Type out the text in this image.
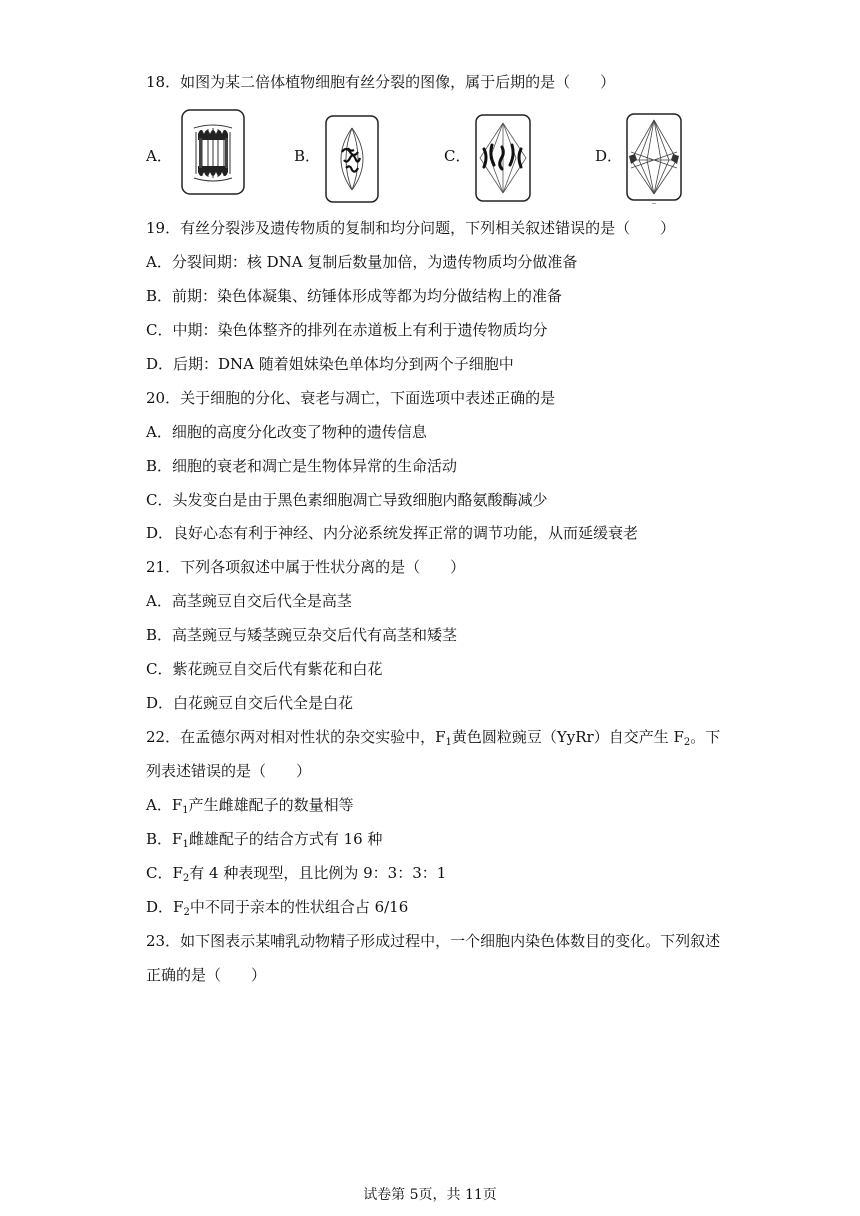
18．如图为某二倍体植物细胞有丝分裂的图像，属于后期的是（　　）
A．	B．	C．	D．
19．有丝分裂涉及遗传物质的复制和均分问题，下列相关叙述错误的是（　　）
A．分裂间期：核 DNA 复制后数量加倍，为遗传物质均分做准备
B．前期：染色体凝集、纺锤体形成等都为均分做结构上的准备
C．中期：染色体整齐的排列在赤道板上有利于遗传物质均分
D．后期：DNA 随着姐妹染色单体均分到两个子细胞中
20．关于细胞的分化、衰老与凋亡，下面选项中表述正确的是
A．细胞的高度分化改变了物种的遗传信息
B．细胞的衰老和凋亡是生物体异常的生命活动
C．头发变白是由于黑色素细胞凋亡导致细胞内酪氨酸酶减少
D．良好心态有利于神经、内分泌系统发挥正常的调节功能，从而延缓衰老
21．下列各项叙述中属于性状分离的是（　　）
A．高茎豌豆自交后代全是高茎
B．高茎豌豆与矮茎豌豆杂交后代有高茎和矮茎
C．紫花豌豆自交后代有紫花和白花
D．白花豌豆自交后代全是白花
22．在孟德尔两对相对性状的杂交实验中，$F_1$黄色圆粒豌豆（YyRr）自交产生 $F_2$。下
列表述错误的是（　　）
A．$F_1$产生雌雄配子的数量相等
B．$F_1$雌雄配子的结合方式有 16 种
C．$F_2$有 4 种表现型，且比例为 9：3：3：1
D．$F_2$中不同于亲本的性状组合占 6/16
23．如下图表示某哺乳动物精子形成过程中，一个细胞内染色体数目的变化。下列叙述
正确的是（　　）
试卷第 5页，共 11页
